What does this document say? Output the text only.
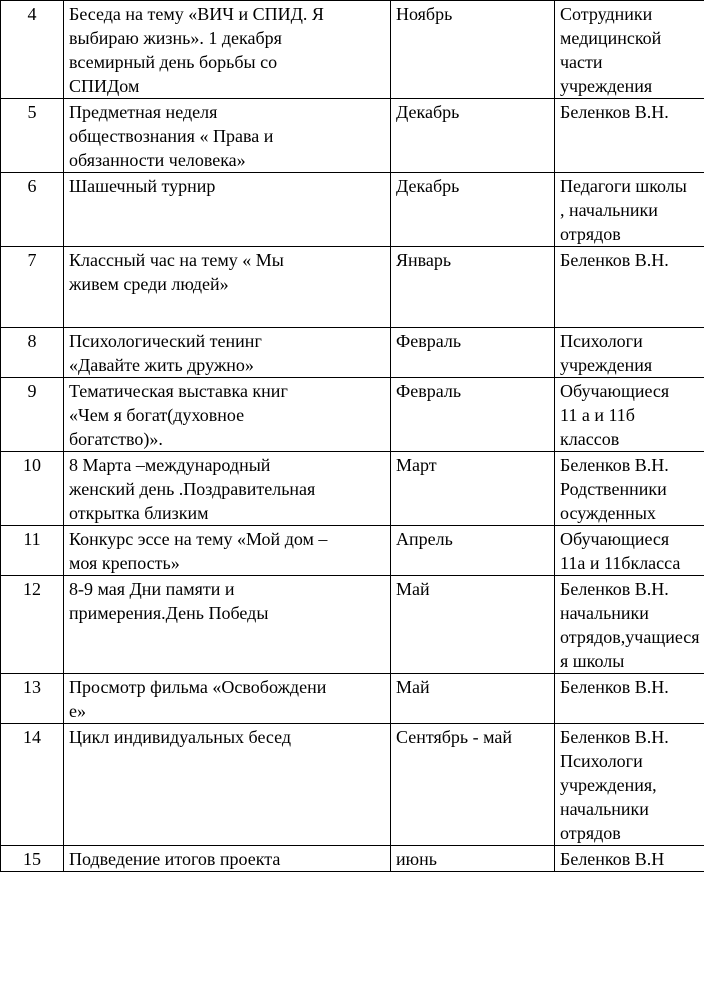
4	Беседа на тему «ВИЧ и СПИД. Я
выбираю жизнь». 1 декабря
всемирный день борьбы со
СПИДом	Ноябрь	Сотрудники
медицинской
части
учреждения
5	Предметная неделя
обществознания « Права и
обязанности человека»	Декабрь	Беленков В.Н.
6	Шашечный турнир	Декабрь	Педагоги школы
, начальники
отрядов
7	Классный час на тему « Мы
живем среди людей»	Январь	Беленков В.Н.
8	Психологический тенинг
«Давайте жить дружно»	Февраль	Психологи
учреждения
9	Тематическая выставка книг
«Чем я богат(духовное
богатство)».	Февраль	Обучающиеся
11 а и 11б
классов
10	8 Марта –международный
женский день .Поздравительная
открытка близким	Март	Беленков В.Н.
Родственники
осужденных
11	Конкурс эссе на тему «Мой дом –
моя крепость»	Апрель	Обучающиеся
11а и 11бкласса
12	8-9 мая Дни памяти и
примерения.День Победы	Май	Беленков В.Н.
начальники
отрядов,учащиеся
я школы
13	Просмотр фильма «Освобождени
е»	Май	Беленков В.Н.
14	Цикл индивидуальных бесед	Сентябрь - май	Беленков В.Н.
Психологи
учреждения,
начальники
отрядов
15	Подведение итогов проекта	июнь	Беленков В.Н
